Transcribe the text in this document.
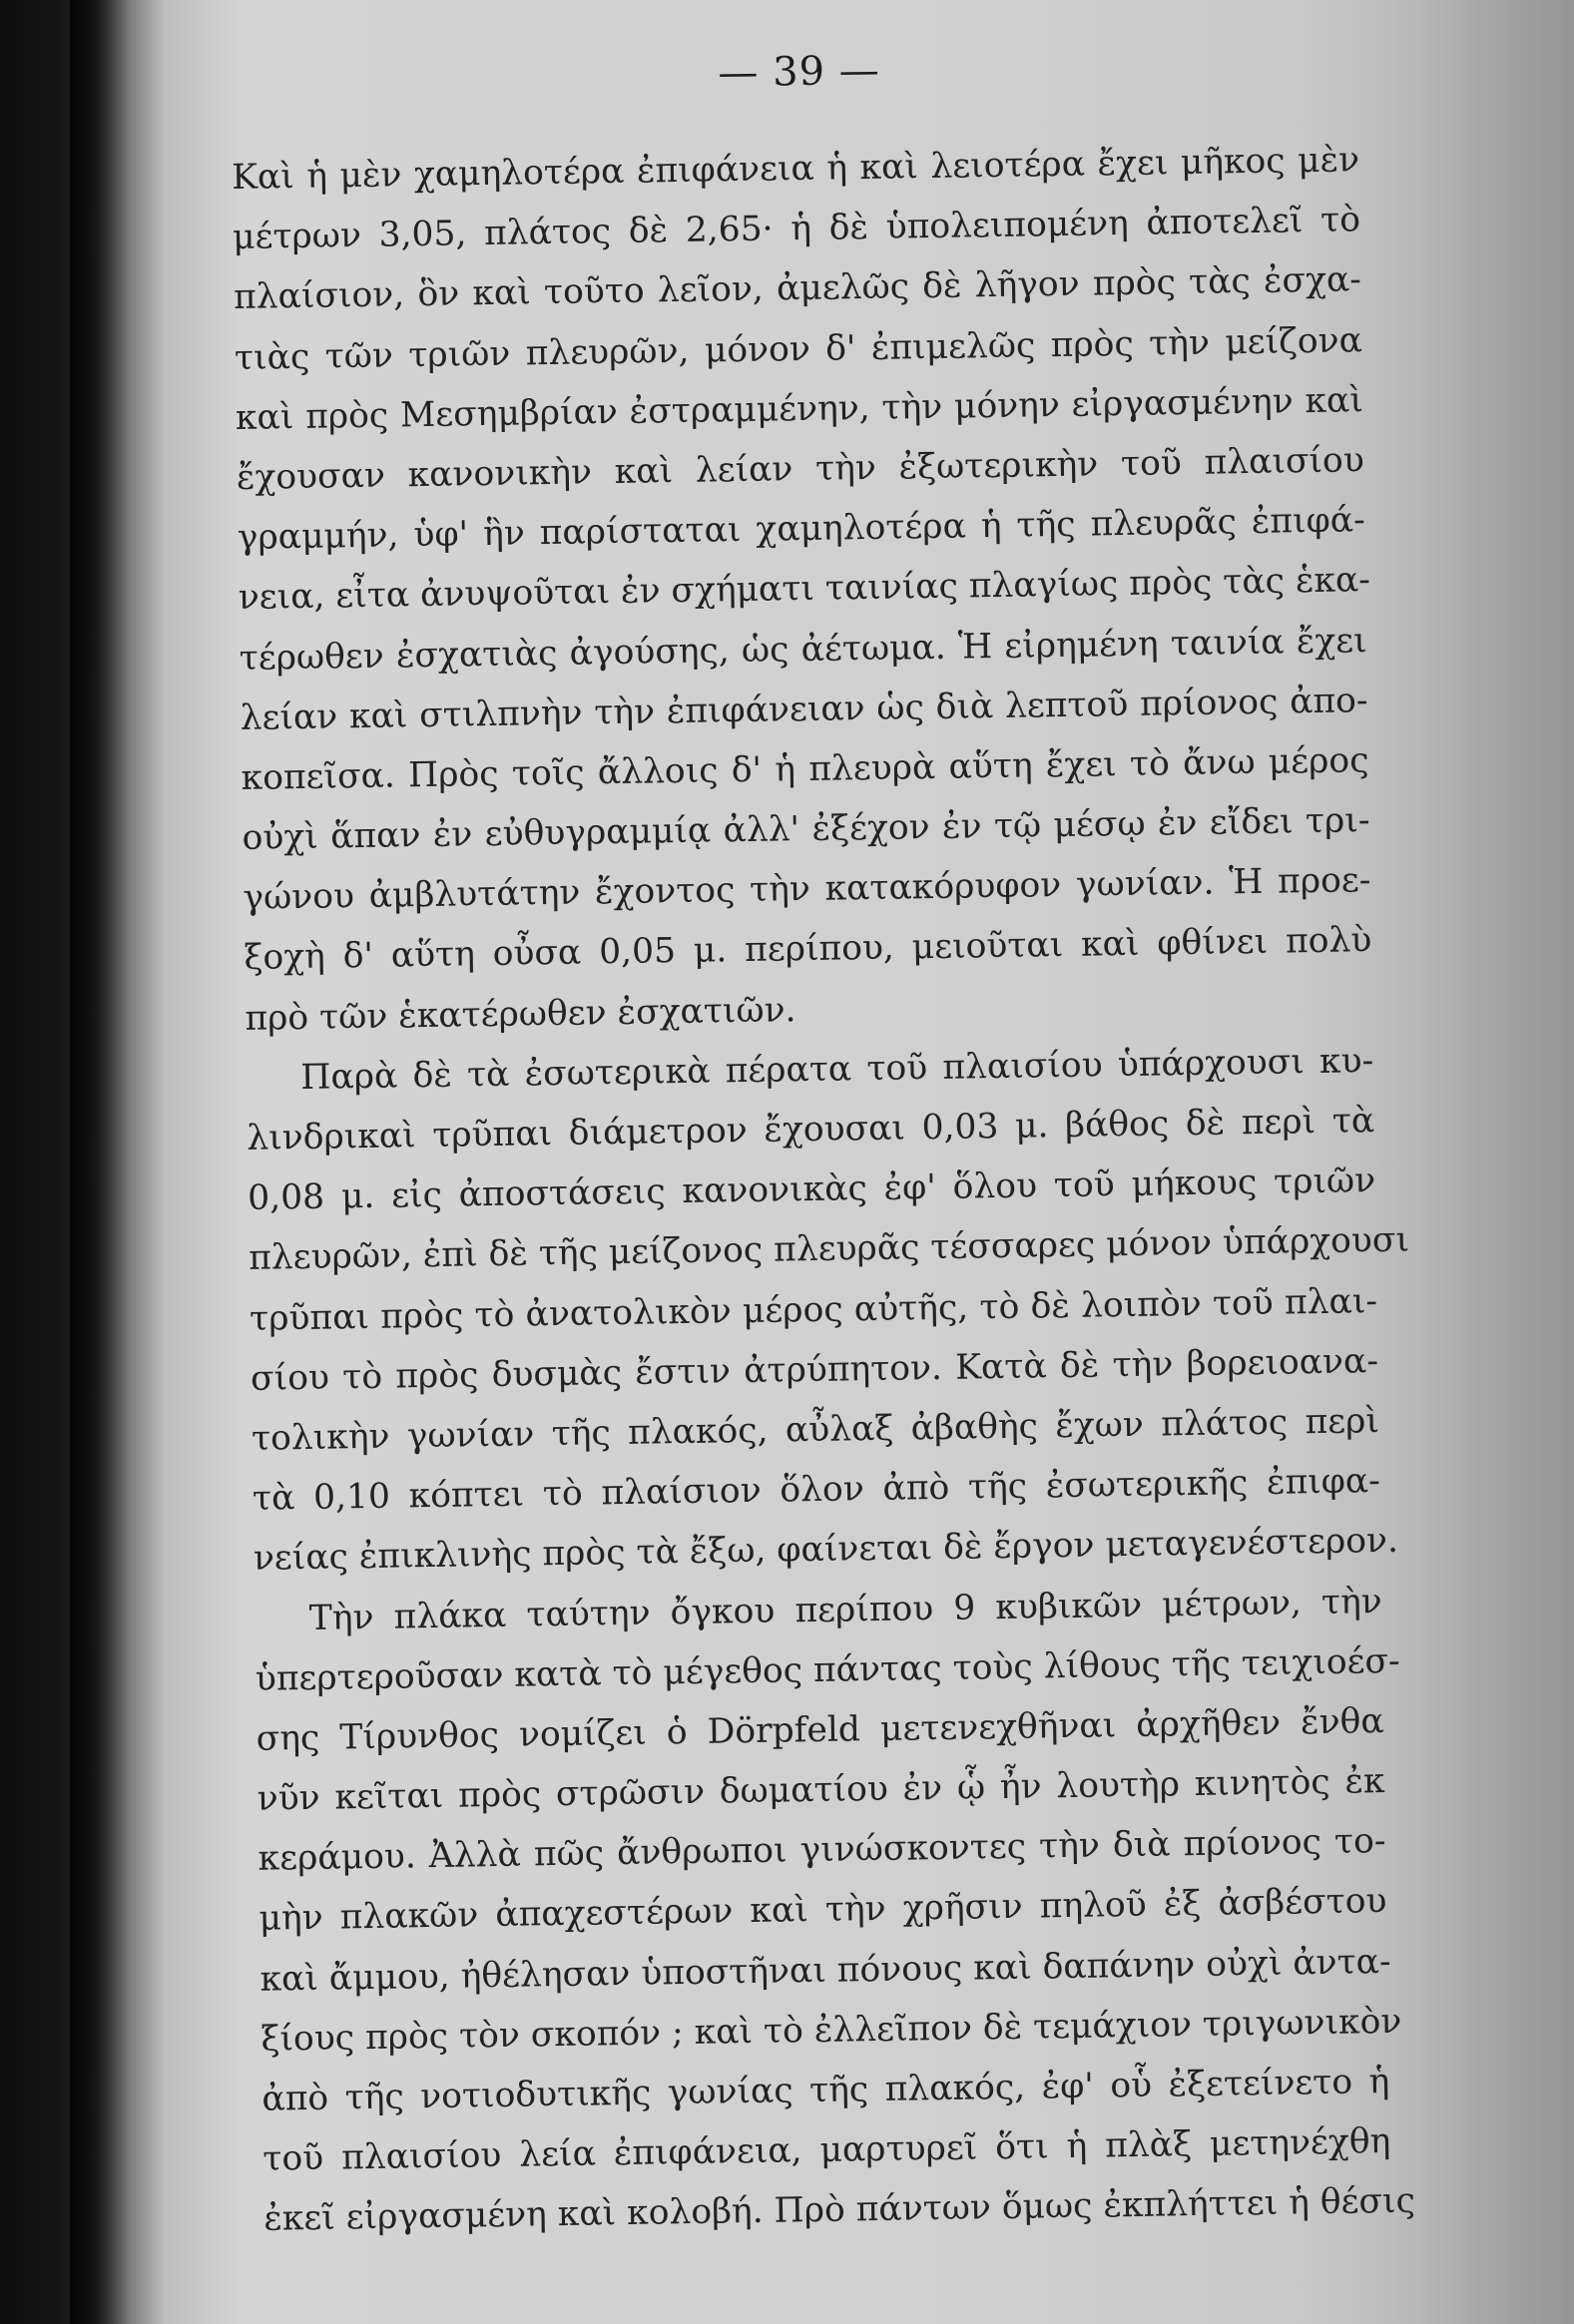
— 39 —
Καὶ ἡ μὲν χαμηλοτέρα ἐπιφάνεια ἡ καὶ λειοτέρα ἔχει μῆκος μὲν
μέτρων 3,05, πλάτος δὲ 2,65· ἡ δὲ ὑπολειπομένη ἀποτελεῖ τὸ
πλαίσιον, ὃν καὶ τοῦτο λεῖον, ἀμελῶς δὲ λῆγον πρὸς τὰς ἐσχα-
τιὰς τῶν τριῶν πλευρῶν, μόνον δ' ἐπιμελῶς πρὸς τὴν μείζονα
καὶ πρὸς Μεσημβρίαν ἐστραμμένην, τὴν μόνην εἰργασμένην καὶ
ἔχουσαν κανονικὴν καὶ λείαν τὴν ἐξωτερικὴν τοῦ πλαισίου
γραμμήν, ὑφ' ἣν παρίσταται χαμηλοτέρα ἡ τῆς πλευρᾶς ἐπιφά-
νεια, εἶτα ἀνυψοῦται ἐν σχήματι ταινίας πλαγίως πρὸς τὰς ἑκα-
τέρωθεν ἐσχατιὰς ἀγούσης, ὡς ἀέτωμα. Ἡ εἰρημένη ταινία ἔχει
λείαν καὶ στιλπνὴν τὴν ἐπιφάνειαν ὡς διὰ λεπτοῦ πρίονος ἀπο-
κοπεῖσα. Πρὸς τοῖς ἄλλοις δ' ἡ πλευρὰ αὕτη ἔχει τὸ ἄνω μέρος
οὐχὶ ἅπαν ἐν εὐθυγραμμίᾳ ἀλλ' ἐξέχον ἐν τῷ μέσῳ ἐν εἴδει τρι-
γώνου ἀμβλυτάτην ἔχοντος τὴν κατακόρυφον γωνίαν. Ἡ προε-
ξοχὴ δ' αὕτη οὖσα 0,05 μ. περίπου, μειοῦται καὶ φθίνει πολὺ
πρὸ τῶν ἑκατέρωθεν ἐσχατιῶν.
Παρὰ δὲ τὰ ἐσωτερικὰ πέρατα τοῦ πλαισίου ὑπάρχουσι κυ-
λινδρικαὶ τρῦπαι διάμετρον ἔχουσαι 0,03 μ. βάθος δὲ περὶ τὰ
0,08 μ. εἰς ἀποστάσεις κανονικὰς ἐφ' ὅλου τοῦ μήκους τριῶν
πλευρῶν, ἐπὶ δὲ τῆς μείζονος πλευρᾶς τέσσαρες μόνον ὑπάρχουσι
τρῦπαι πρὸς τὸ ἀνατολικὸν μέρος αὐτῆς, τὸ δὲ λοιπὸν τοῦ πλαι-
σίου τὸ πρὸς δυσμὰς ἔστιν ἀτρύπητον. Κατὰ δὲ τὴν βορειοανα-
τολικὴν γωνίαν τῆς πλακός, αὖλαξ ἀβαθὴς ἔχων πλάτος περὶ
τὰ 0,10 κόπτει τὸ πλαίσιον ὅλον ἀπὸ τῆς ἐσωτερικῆς ἐπιφα-
νείας ἐπικλινὴς πρὸς τὰ ἔξω, φαίνεται δὲ ἔργον μεταγενέστερον.
Τὴν πλάκα ταύτην ὄγκου περίπου 9 κυβικῶν μέτρων, τὴν
ὑπερτεροῦσαν κατὰ τὸ μέγεθος πάντας τοὺς λίθους τῆς τειχιοέσ-
σης Τίρυνθος νομίζει ὁ Dörpfeld μετενεχθῆναι ἀρχῆθεν ἔνθα
νῦν κεῖται πρὸς στρῶσιν δωματίου ἐν ᾧ ἦν λουτὴρ κινητὸς ἐκ
κεράμου. Ἀλλὰ πῶς ἄνθρωποι γινώσκοντες τὴν διὰ πρίονος το-
μὴν πλακῶν ἀπαχεστέρων καὶ τὴν χρῆσιν πηλοῦ ἐξ ἀσβέστου
καὶ ἄμμου, ἠθέλησαν ὑποστῆναι πόνους καὶ δαπάνην οὐχὶ ἀντα-
ξίους πρὸς τὸν σκοπόν ; καὶ τὸ ἐλλεῖπον δὲ τεμάχιον τριγωνικὸν
ἀπὸ τῆς νοτιοδυτικῆς γωνίας τῆς πλακός, ἐφ' οὗ ἐξετείνετο ἡ
τοῦ πλαισίου λεία ἐπιφάνεια, μαρτυρεῖ ὅτι ἡ πλὰξ μετηνέχθη
ἐκεῖ εἰργασμένη καὶ κολοβή. Πρὸ πάντων ὅμως ἐκπλήττει ἡ θέσις
